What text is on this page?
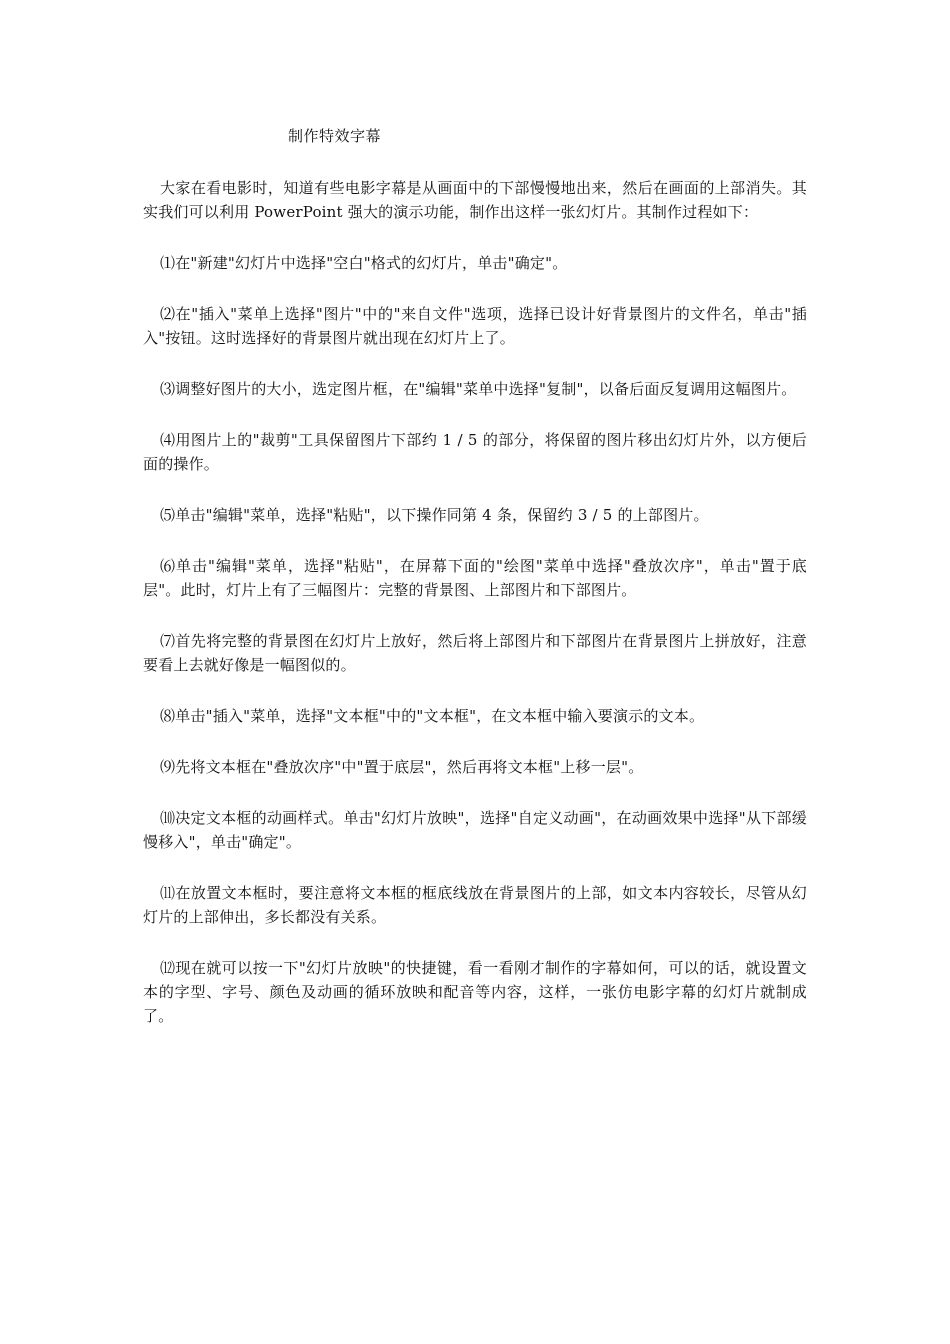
制作特效字幕

大家在看电影时，知道有些电影字幕是从画面中的下部慢慢地出来，然后在画面的上部消失。其实我们可以利用 PowerPoint 强大的演示功能，制作出这样一张幻灯片。其制作过程如下：

⑴在"新建"幻灯片中选择"空白"格式的幻灯片，单击"确定"。

⑵在"插入"菜单上选择"图片"中的"来自文件"选项，选择已设计好背景图片的文件名，单击"插入"按钮。这时选择好的背景图片就出现在幻灯片上了。

⑶调整好图片的大小，选定图片框，在"编辑"菜单中选择"复制"，以备后面反复调用这幅图片。

⑷用图片上的"裁剪"工具保留图片下部约 1 / 5 的部分，将保留的图片移出幻灯片外，以方便后面的操作。

⑸单击"编辑"菜单，选择"粘贴"，以下操作同第 4 条，保留约 3 / 5 的上部图片。

⑹单击"编辑"菜单，选择"粘贴"，在屏幕下面的"绘图"菜单中选择"叠放次序"，单击"置于底层"。此时，灯片上有了三幅图片：完整的背景图、上部图片和下部图片。

⑺首先将完整的背景图在幻灯片上放好，然后将上部图片和下部图片在背景图片上拼放好，注意要看上去就好像是一幅图似的。

⑻单击"插入"菜单，选择"文本框"中的"文本框"，在文本框中输入要演示的文本。

⑼先将文本框在"叠放次序"中"置于底层"，然后再将文本框"上移一层"。

⑽决定文本框的动画样式。单击"幻灯片放映"，选择"自定义动画"，在动画效果中选择"从下部缓慢移入"，单击"确定"。

⑾在放置文本框时，要注意将文本框的框底线放在背景图片的上部，如文本内容较长，尽管从幻灯片的上部伸出，多长都没有关系。

⑿现在就可以按一下"幻灯片放映"的快捷键，看一看刚才制作的字幕如何，可以的话，就设置文本的字型、字号、颜色及动画的循环放映和配音等内容，这样，一张仿电影字幕的幻灯片就制成了。
